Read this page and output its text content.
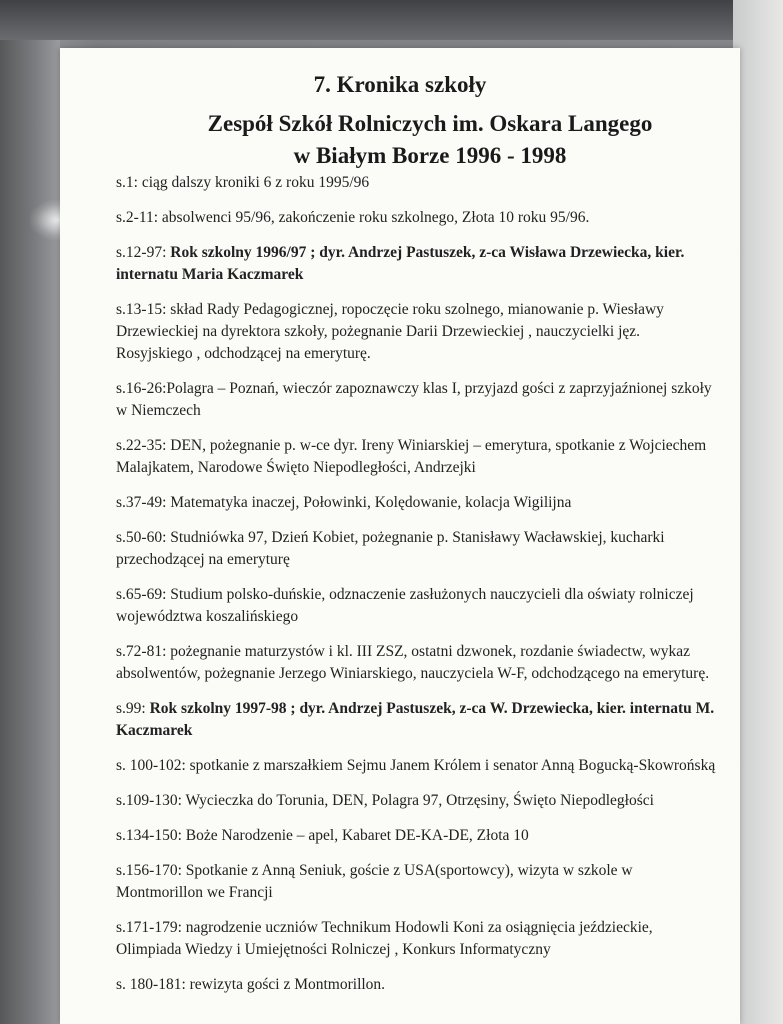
7. Kronika szkoły
Zespół Szkół Rolniczych im. Oskara Langego
w Białym Borze 1996 - 1998
s.1: ciąg dalszy kroniki 6 z roku 1995/96
s.2-11: absolwenci 95/96, zakończenie roku szkolnego, Złota 10 roku 95/96.
s.12-97: Rok szkolny 1996/97 ; dyr. Andrzej Pastuszek, z-ca Wisława Drzewiecka, kier. internatu Maria Kaczmarek
s.13-15: skład Rady Pedagogicznej, ropoczęcie roku szolnego, mianowanie p. Wiesławy Drzewieckiej na dyrektora szkoły, pożegnanie Darii Drzewieckiej , nauczycielki jęz. Rosyjskiego , odchodzącej na emeryturę.
s.16-26:Polagra – Poznań, wieczór zapoznawczy klas I, przyjazd gości z zaprzyjaźnionej szkoły w Niemczech
s.22-35: DEN, pożegnanie p. w-ce dyr. Ireny Winiarskiej – emerytura, spotkanie z Wojciechem Malajkatem, Narodowe Święto Niepodległości, Andrzejki
s.37-49: Matematyka inaczej, Połowinki, Kolędowanie, kolacja Wigilijna
s.50-60: Studniówka 97, Dzień Kobiet, pożegnanie p. Stanisławy Wacławskiej, kucharki przechodzącej na emeryturę
s.65-69: Studium polsko-duńskie, odznaczenie zasłużonych nauczycieli dla oświaty rolniczej województwa koszalińskiego
s.72-81: pożegnanie maturzystów i kl. III ZSZ, ostatni dzwonek, rozdanie świadectw, wykaz absolwentów, pożegnanie Jerzego Winiarskiego, nauczyciela W-F, odchodzącego na emeryturę.
s.99: Rok szkolny 1997-98 ; dyr. Andrzej Pastuszek, z-ca W. Drzewiecka, kier. internatu M. Kaczmarek
s. 100-102: spotkanie z marszałkiem Sejmu Janem Królem i senator Anną Bogucką-Skowrońską
s.109-130: Wycieczka do Torunia, DEN, Polagra 97, Otrzęsiny, Święto Niepodległości
s.134-150: Boże Narodzenie – apel, Kabaret DE-KA-DE, Złota 10
s.156-170: Spotkanie z Anną Seniuk, goście z USA(sportowcy), wizyta w szkole w Montmorillon we Francji
s.171-179: nagrodzenie uczniów Technikum Hodowli Koni za osiągnięcia jeździeckie, Olimpiada Wiedzy i Umiejętności Rolniczej , Konkurs Informatyczny
s. 180-181: rewizyta gości z Montmorillon.
